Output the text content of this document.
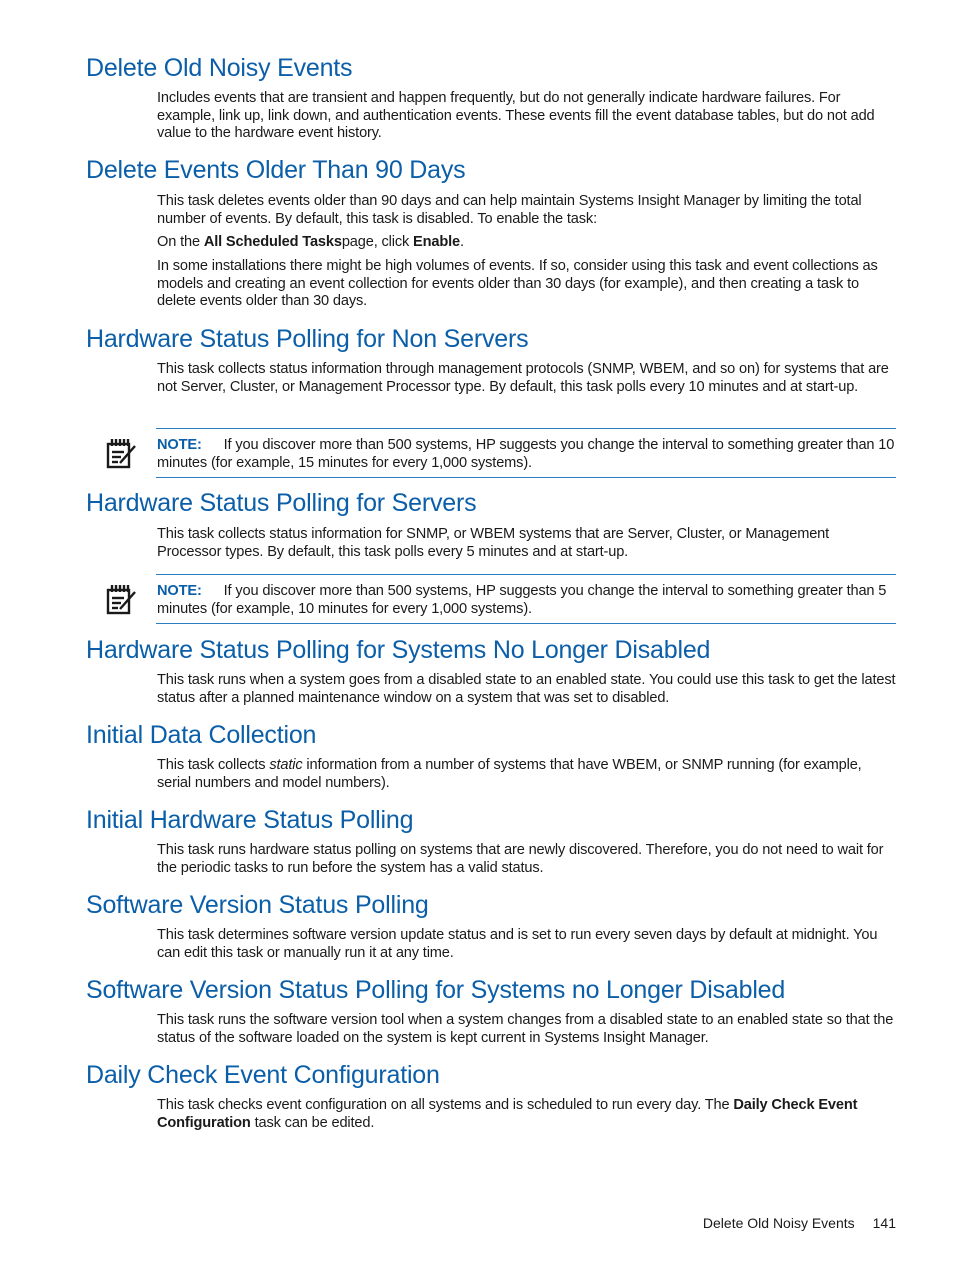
Delete Old Noisy Events

Includes events that are transient and happen frequently, but do not generally indicate hardware failures. For example, link up, link down, and authentication events. These events fill the event database tables, but do not add value to the hardware event history.

Delete Events Older Than 90 Days

This task deletes events older than 90 days and can help maintain Systems Insight Manager by limiting the total number of events. By default, this task is disabled. To enable the task:

On the All Scheduled Taskspage, click Enable.

In some installations there might be high volumes of events. If so, consider using this task and event collections as models and creating an event collection for events older than 30 days (for example), and then creating a task to delete events older than 30 days.

Hardware Status Polling for Non Servers

This task collects status information through management protocols (SNMP, WBEM, and so on) for systems that are not Server, Cluster, or Management Processor type. By default, this task polls every 10 minutes and at start-up.

NOTE: If you discover more than 500 systems, HP suggests you change the interval to something greater than 10 minutes (for example, 15 minutes for every 1,000 systems).
Hardware Status Polling for Servers

This task collects status information for SNMP, or WBEM systems that are Server, Cluster, or Management Processor types. By default, this task polls every 5 minutes and at start-up.

NOTE: If you discover more than 500 systems, HP suggests you change the interval to something greater than 5 minutes (for example, 10 minutes for every 1,000 systems).
Hardware Status Polling for Systems No Longer Disabled

This task runs when a system goes from a disabled state to an enabled state. You could use this task to get the latest status after a planned maintenance window on a system that was set to disabled.

Initial Data Collection

This task collects static information from a number of systems that have WBEM, or SNMP running (for example, serial numbers and model numbers).

Initial Hardware Status Polling

This task runs hardware status polling on systems that are newly discovered. Therefore, you do not need to wait for the periodic tasks to run before the system has a valid status.

Software Version Status Polling

This task determines software version update status and is set to run every seven days by default at midnight. You can edit this task or manually run it at any time.

Software Version Status Polling for Systems no Longer Disabled

This task runs the software version tool when a system changes from a disabled state to an enabled state so that the status of the software loaded on the system is kept current in Systems Insight Manager.

Daily Check Event Configuration

This task checks event configuration on all systems and is scheduled to run every day. The Daily Check Event Configuration task can be edited.

Delete Old Noisy Events 141
